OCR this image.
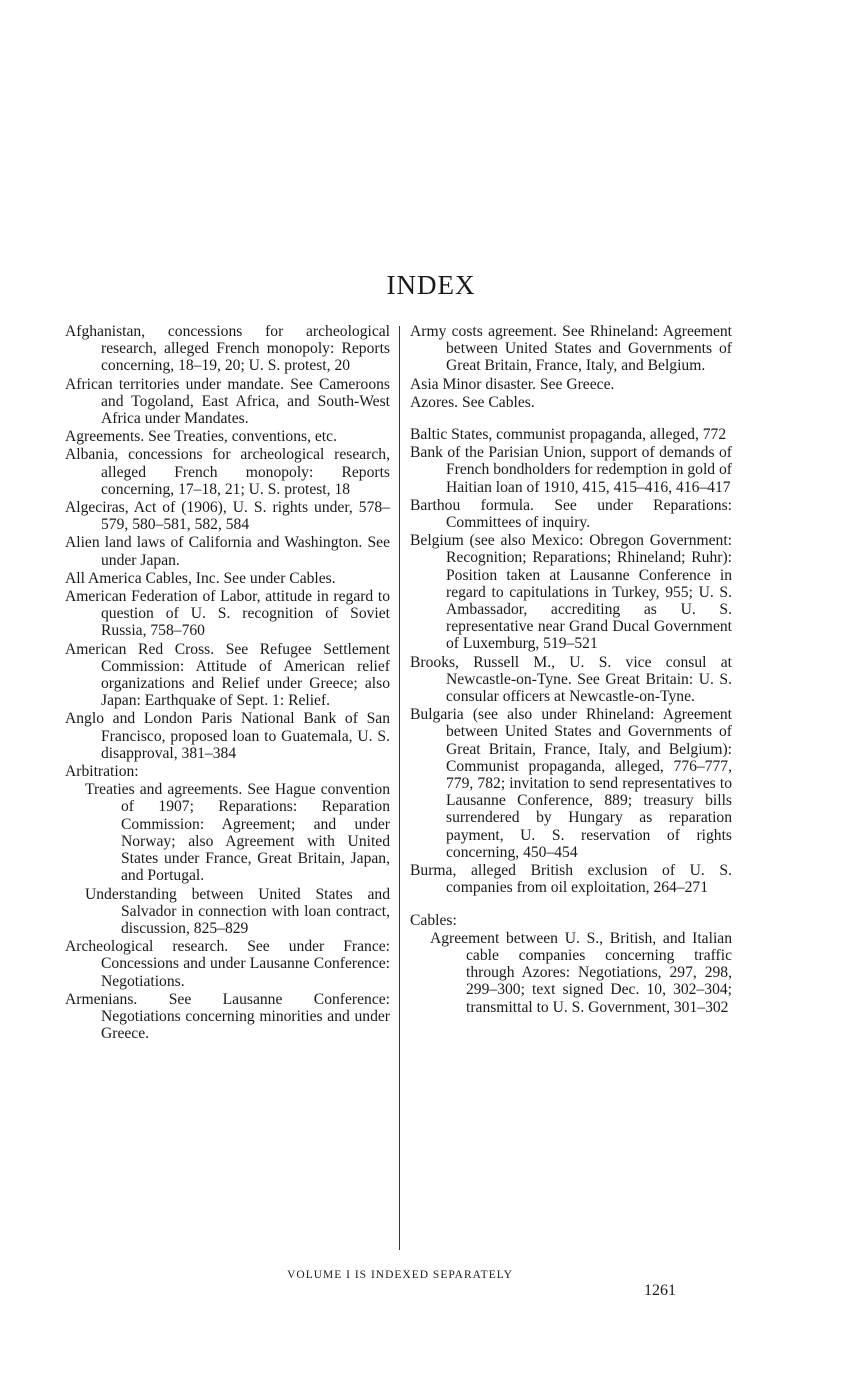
INDEX
Afghanistan, concessions for archeological research, alleged French monopoly: Reports concerning, 18–19, 20; U. S. protest, 20
African territories under mandate. See Cameroons and Togoland, East Africa, and South-West Africa under Mandates.
Agreements. See Treaties, conventions, etc.
Albania, concessions for archeological research, alleged French monopoly: Reports concerning, 17–18, 21; U. S. protest, 18
Algeciras, Act of (1906), U. S. rights under, 578–579, 580–581, 582, 584
Alien land laws of California and Washington. See under Japan.
All America Cables, Inc. See under Cables.
American Federation of Labor, attitude in regard to question of U. S. recognition of Soviet Russia, 758–760
American Red Cross. See Refugee Settlement Commission: Attitude of American relief organizations and Relief under Greece; also Japan: Earthquake of Sept. 1: Relief.
Anglo and London Paris National Bank of San Francisco, proposed loan to Guatemala, U. S. disapproval, 381–384
Arbitration:
Treaties and agreements. See Hague convention of 1907; Reparations: Reparation Commission: Agreement; and under Norway; also Agreement with United States under France, Great Britain, Japan, and Portugal.
Understanding between United States and Salvador in connection with loan contract, discussion, 825–829
Archeological research. See under France: Concessions and under Lausanne Conference: Negotiations.
Armenians. See Lausanne Conference: Negotiations concerning minorities and under Greece.
Army costs agreement. See Rhineland: Agreement between United States and Governments of Great Britain, France, Italy, and Belgium.
Asia Minor disaster. See Greece.
Azores. See Cables.
Baltic States, communist propaganda, alleged, 772
Bank of the Parisian Union, support of demands of French bondholders for redemption in gold of Haitian loan of 1910, 415, 415–416, 416–417
Barthou formula. See under Reparations: Committees of inquiry.
Belgium (see also Mexico: Obregon Government: Recognition; Reparations; Rhineland; Ruhr): Position taken at Lausanne Conference in regard to capitulations in Turkey, 955; U. S. Ambassador, accrediting as U. S. representative near Grand Ducal Government of Luxemburg, 519–521
Brooks, Russell M., U. S. vice consul at Newcastle-on-Tyne. See Great Britain: U. S. consular officers at Newcastle-on-Tyne.
Bulgaria (see also under Rhineland: Agreement between United States and Governments of Great Britain, France, Italy, and Belgium): Communist propaganda, alleged, 776–777, 779, 782; invitation to send representatives to Lausanne Conference, 889; treasury bills surrendered by Hungary as reparation payment, U. S. reservation of rights concerning, 450–454
Burma, alleged British exclusion of U. S. companies from oil exploitation, 264–271
Cables:
Agreement between U. S., British, and Italian cable companies concerning traffic through Azores: Negotiations, 297, 298, 299–300; text signed Dec. 10, 302–304; transmittal to U. S. Government, 301–302
VOLUME I IS INDEXED SEPARATELY
1261
